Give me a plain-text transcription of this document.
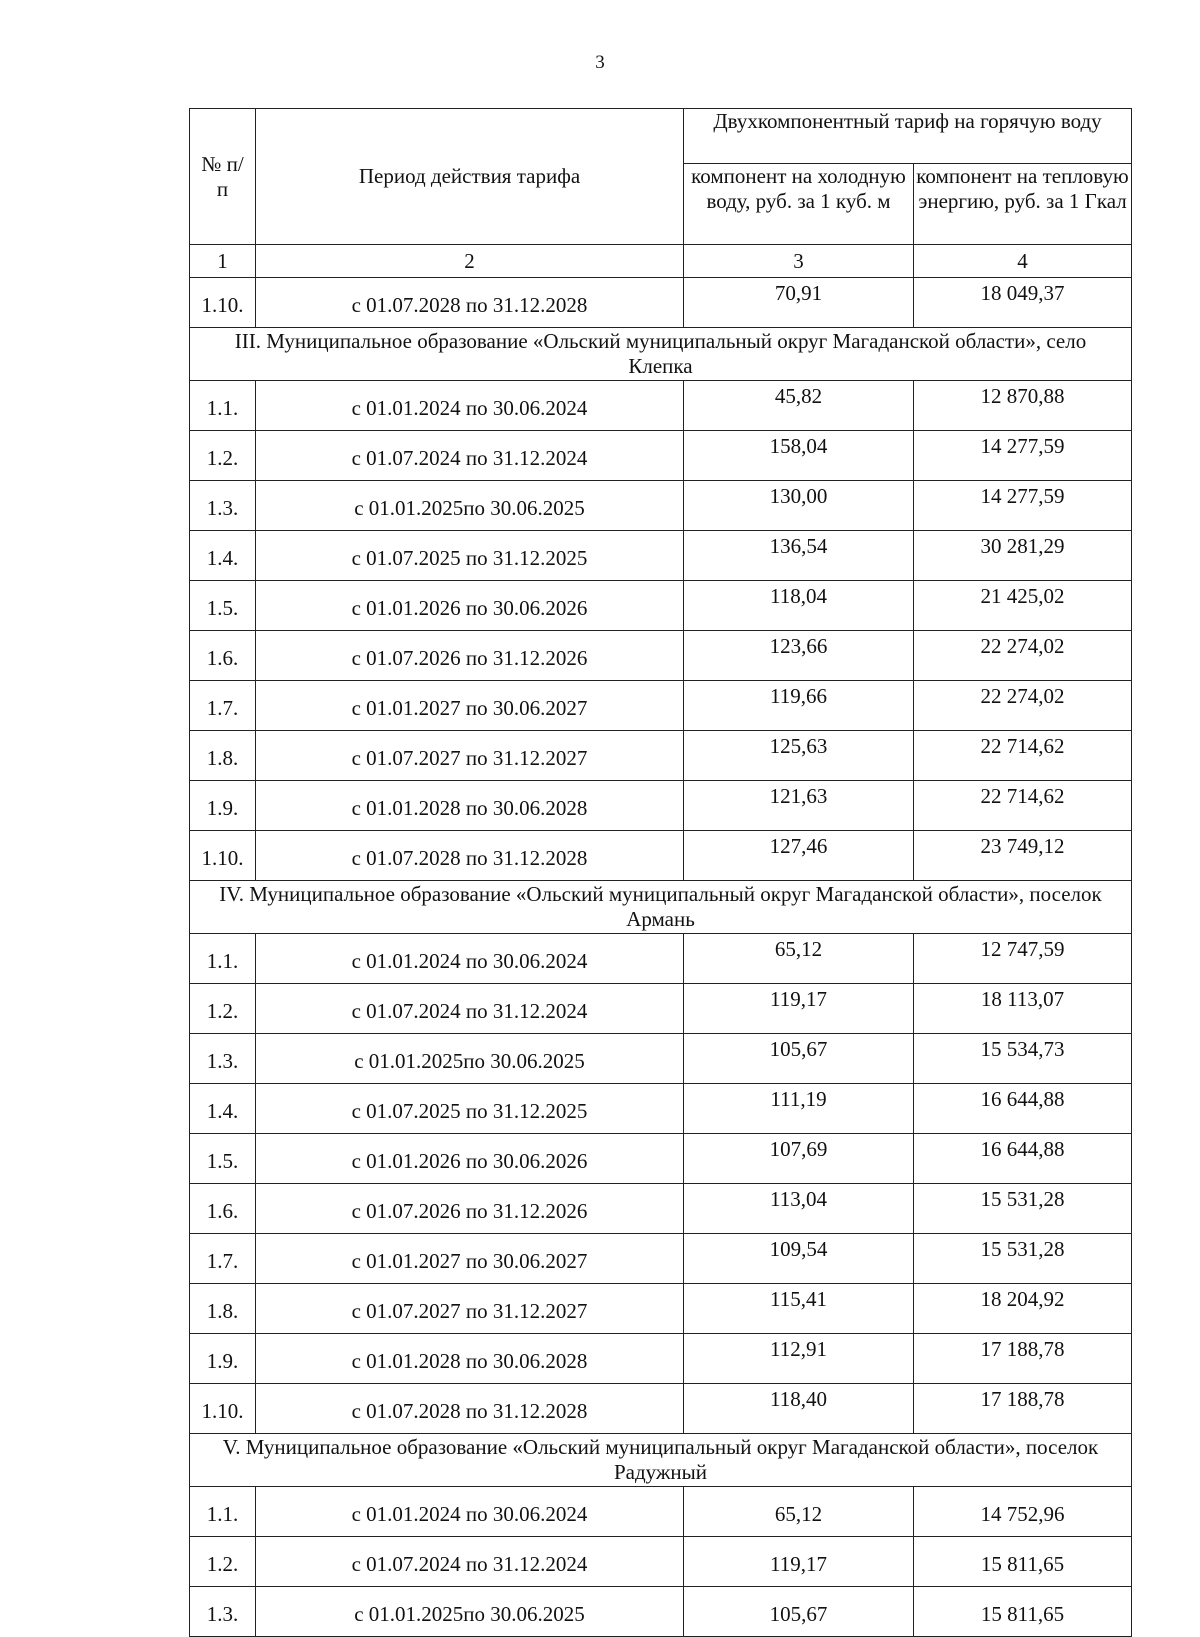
3
№ п/п	Период действия тарифа	Двухкомпонентный тариф на горячую воду	
		компонент на холодную воду, руб. за 1 куб. м	компонент на тепловую энергию, руб. за 1 Гкал
1	2	3	4
1.10.	с 01.07.2028 по 31.12.2028	70,91	18 049,37
III. Муниципальное образование «Ольский муниципальный округ Магаданской области», село Клепка			
1.1.	с 01.01.2024 по 30.06.2024	45,82	12 870,88
1.2.	с 01.07.2024 по 31.12.2024	158,04	14 277,59
1.3.	с 01.01.2025по 30.06.2025	130,00	14 277,59
1.4.	с 01.07.2025 по 31.12.2025	136,54	30 281,29
1.5.	с 01.01.2026 по 30.06.2026	118,04	21 425,02
1.6.	с 01.07.2026 по 31.12.2026	123,66	22 274,02
1.7.	с 01.01.2027 по 30.06.2027	119,66	22 274,02
1.8.	с 01.07.2027 по 31.12.2027	125,63	22 714,62
1.9.	с 01.01.2028 по 30.06.2028	121,63	22 714,62
1.10.	с 01.07.2028 по 31.12.2028	127,46	23 749,12
IV. Муниципальное образование «Ольский муниципальный округ Магаданской области», поселок Армань			
1.1.	с 01.01.2024 по 30.06.2024	65,12	12 747,59
1.2.	с 01.07.2024 по 31.12.2024	119,17	18 113,07
1.3.	с 01.01.2025по 30.06.2025	105,67	15 534,73
1.4.	с 01.07.2025 по 31.12.2025	111,19	16 644,88
1.5.	с 01.01.2026 по 30.06.2026	107,69	16 644,88
1.6.	с 01.07.2026 по 31.12.2026	113,04	15 531,28
1.7.	с 01.01.2027 по 30.06.2027	109,54	15 531,28
1.8.	с 01.07.2027 по 31.12.2027	115,41	18 204,92
1.9.	с 01.01.2028 по 30.06.2028	112,91	17 188,78
1.10.	с 01.07.2028 по 31.12.2028	118,40	17 188,78
V. Муниципальное образование «Ольский муниципальный округ Магаданской области», поселок Радужный			
1.1.	с 01.01.2024 по 30.06.2024	65,12	14 752,96
1.2.	с 01.07.2024 по 31.12.2024	119,17	15 811,65
1.3.	с 01.01.2025по 30.06.2025	105,67	15 811,65
